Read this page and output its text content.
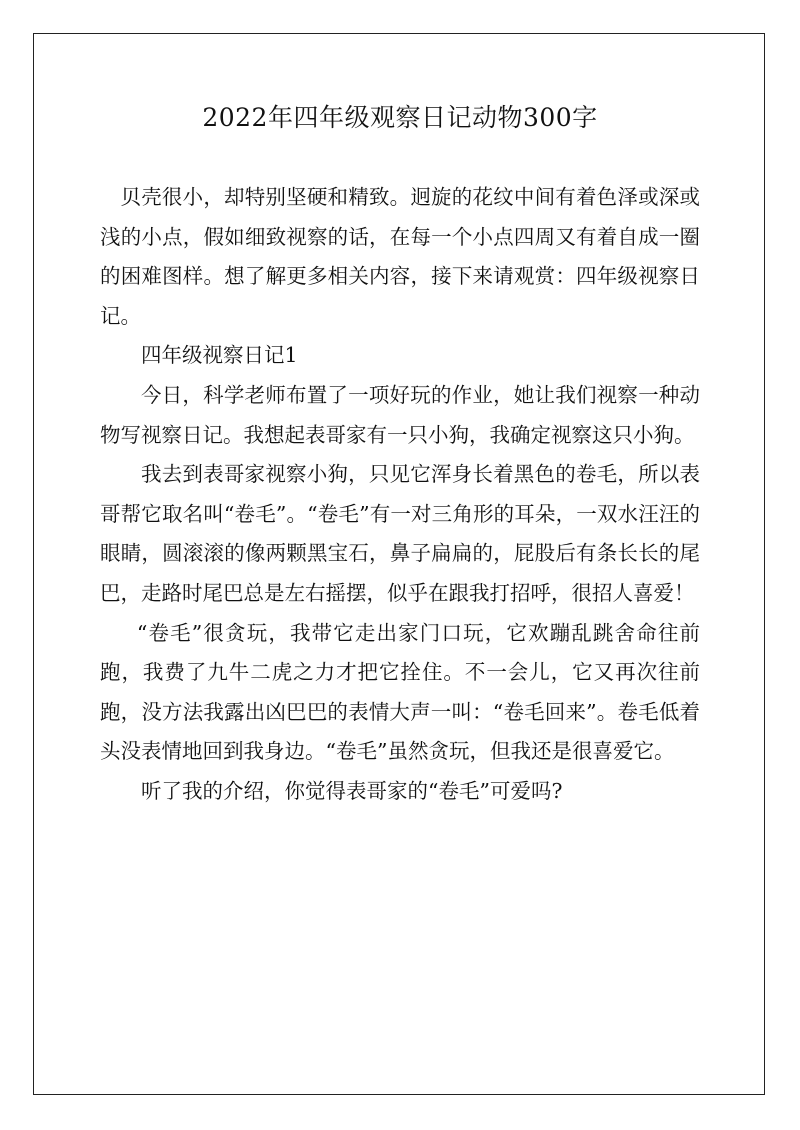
2022年四年级观察日记动物300字

贝壳很小，却特别坚硬和精致。迥旋的花纹中间有着色泽或深或浅的小点，假如细致视察的话，在每一个小点四周又有着自成一圈的困难图样。想了解更多相关内容，接下来请观赏：四年级视察日记。

四年级视察日记1

今日，科学老师布置了一项好玩的作业，她让我们视察一种动物写视察日记。我想起表哥家有一只小狗，我确定视察这只小狗。

我去到表哥家视察小狗，只见它浑身长着黑色的卷毛，所以表哥帮它取名叫“卷毛”。“卷毛”有一对三角形的耳朵，一双水汪汪的眼睛，圆滚滚的像两颗黑宝石，鼻子扁扁的，屁股后有条长长的尾巴，走路时尾巴总是左右摇摆，似乎在跟我打招呼，很招人喜爱！

“卷毛”很贪玩，我带它走出家门口玩，它欢蹦乱跳舍命往前跑，我费了九牛二虎之力才把它拴住。不一会儿，它又再次往前跑，没方法我露出凶巴巴的表情大声一叫：“卷毛回来”。卷毛低着头没表情地回到我身边。“卷毛”虽然贪玩，但我还是很喜爱它。

听了我的介绍，你觉得表哥家的“卷毛”可爱吗?
